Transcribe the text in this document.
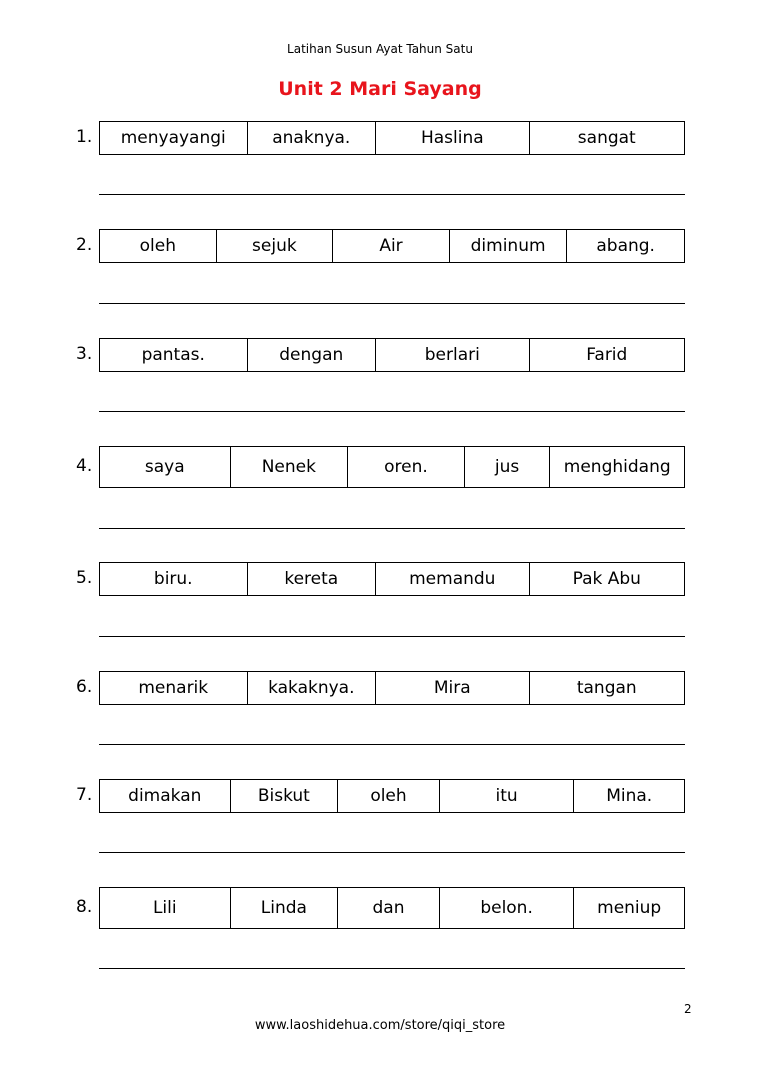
Latihan Susun Ayat Tahun Satu
Unit 2 Mari Sayang
1.	menyayangi	anaknya.	Haslina	sangat
2.	oleh	sejuk	Air	diminum	abang.
3.	pantas.	dengan	berlari	Farid
4.	saya	Nenek	oren.	jus	menghidang
5.	biru.	kereta	memandu	Pak Abu
6.	menarik	kakaknya.	Mira	tangan
7.	dimakan	Biskut	oleh	itu	Mina.
8.	Lili	Linda	dan	belon.	meniup
2
www.laoshidehua.com/store/qiqi_store
